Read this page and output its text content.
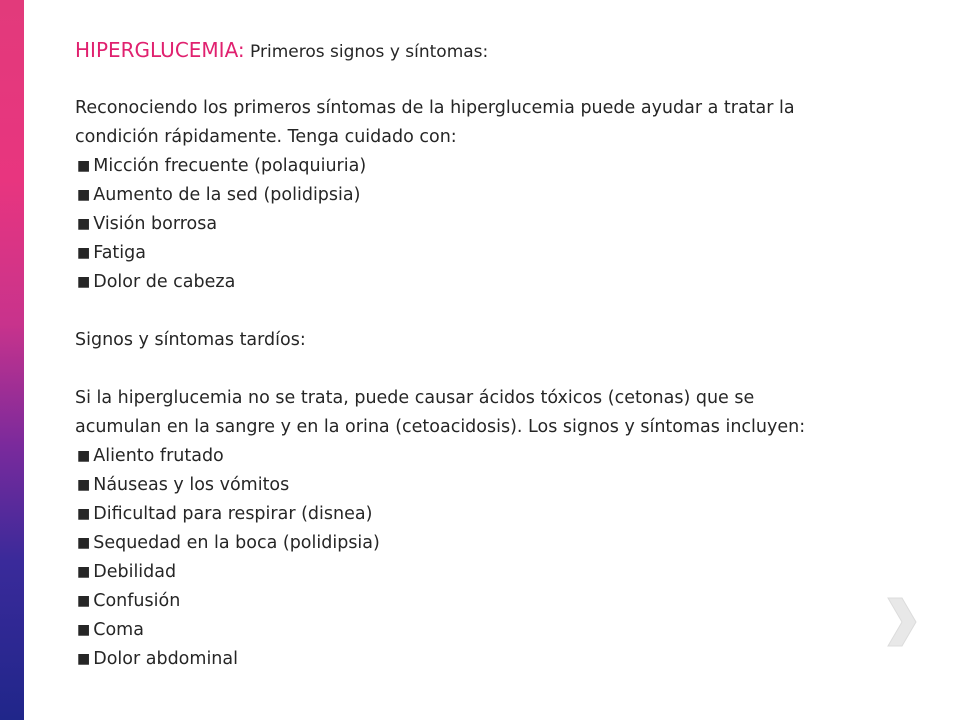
HIPERGLUCEMIA: Primeros signos y síntomas:
Reconociendo los primeros síntomas de la hiperglucemia puede ayudar a tratar la
condición rápidamente. Tenga cuidado con:
■ Micción frecuente (polaquiuria)
■ Aumento de la sed (polidipsia)
■ Visión borrosa
■ Fatiga
■ Dolor de cabeza
Signos y síntomas tardíos:
Si la hiperglucemia no se trata, puede causar ácidos tóxicos (cetonas) que se
acumulan en la sangre y en la orina (cetoacidosis). Los signos y síntomas incluyen:
■ Aliento frutado
■ Náuseas y los vómitos
■ Dificultad para respirar (disnea)
■ Sequedad en la boca (polidipsia)
■ Debilidad
■ Confusión
■ Coma
■ Dolor abdominal
